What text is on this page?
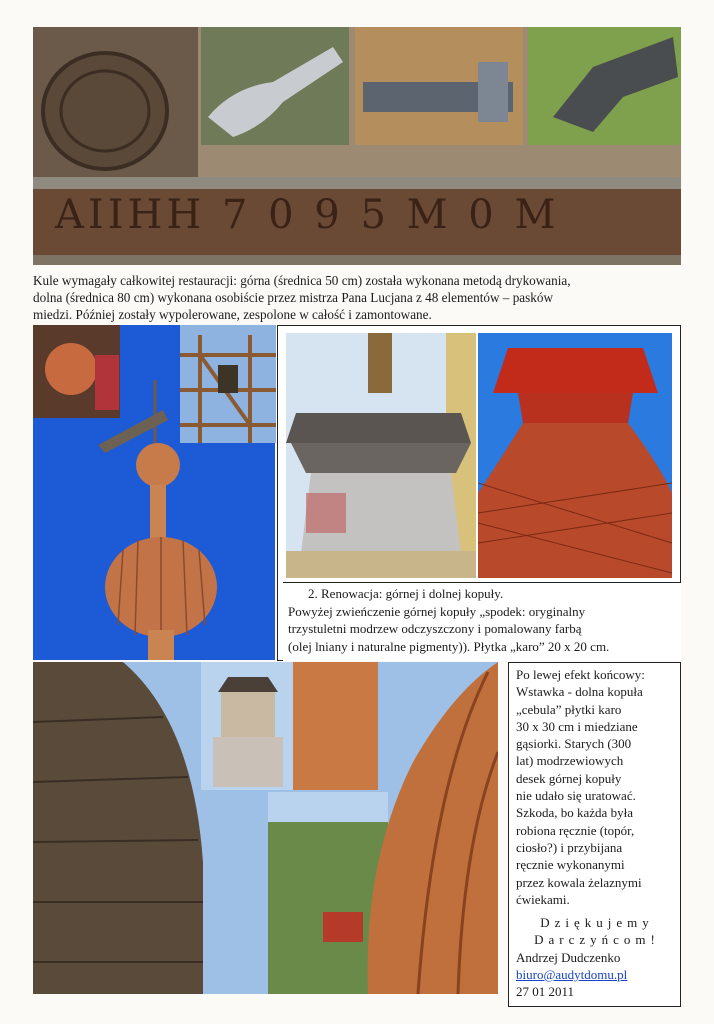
AIIHH 7 0 9 5 M 0 M
Kule wymagały całkowitej restauracji: górna (średnica 50 cm) została wykonana metodą drykowania,
dolna (średnica 80 cm) wykonana osobiście przez mistrza Pana Lucjana z 48 elementów – pasków
miedzi. Później zostały wypolerowane, zespolone w całość i zamontowane.
2. Renowacja: górnej i dolnej kopuły.
Powyżej zwieńczenie górnej kopuły „spodek: oryginalny
trzystuletni modrzew odczyszczony i pomalowany farbą
(olej lniany i naturalne pigmenty)). Płytka „karo” 20 x 20 cm.
Po lewej efekt końcowy:
Wstawka - dolna kopuła
„cebula” płytki karo
30 x 30 cm i miedziane
gąsiorki. Starych (300
lat) modrzewiowych
desek górnej kopuły
nie udało się uratować.
Szkoda, bo każda była
robiona ręcznie (topór,
ciosło?) i przybijana
ręcznie wykonanymi
przez kowala żelaznymi
ćwiekami.
Dziękujemy
Darczyńcom!
Andrzej Dudczenko
biuro@audytdomu.pl
27 01 2011
